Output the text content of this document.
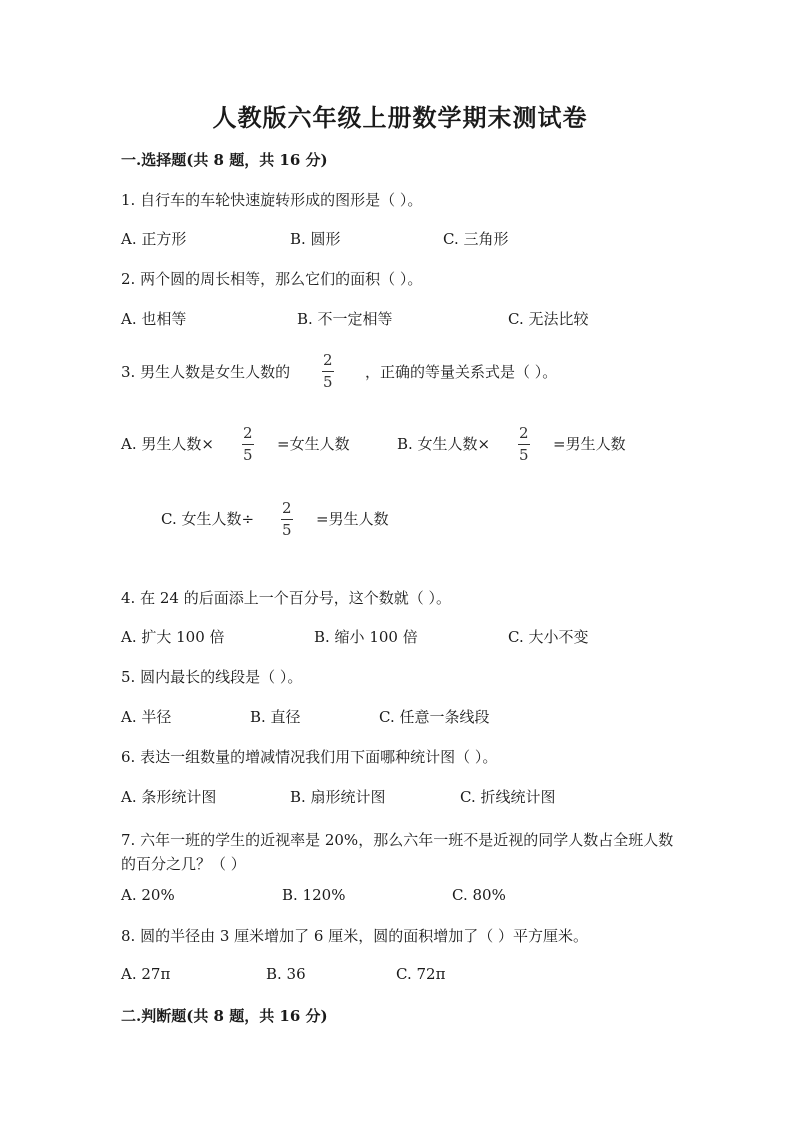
人教版六年级上册数学期末测试卷
一.选择题(共 8 题，共 16 分)
1. 自行车的车轮快速旋转形成的图形是（ ）。
A. 正方形	B. 圆形	C. 三角形
2. 两个圆的周长相等，那么它们的面积（ ）。
A. 也相等	B. 不一定相等	C. 无法比较
3. 男生人数是女生人数的
2
5
，正确的等量关系式是（ ）。
A. 男生人数×
2
5
=女生人数	B. 女生人数×
2
5
=男生人数
C. 女生人数÷
2
5
=男生人数
4. 在 24 的后面添上一个百分号，这个数就（ ）。
A. 扩大 100 倍	B. 缩小 100 倍	C. 大小不变
5. 圆内最长的线段是（ ）。
A. 半径	B. 直径	C. 任意一条线段
6. 表达一组数量的增减情况我们用下面哪种统计图（ ）。
A. 条形统计图	B. 扇形统计图	C. 折线统计图
7. 六年一班的学生的近视率是 20%，那么六年一班不是近视的同学人数占全班人数的百分之几？（ ）
A. 20%	B. 120%	C. 80%
8. 圆的半径由 3 厘米增加了 6 厘米，圆的面积增加了（ ）平方厘米。
A. 27π	B. 36	C. 72π
二.判断题(共 8 题，共 16 分)
